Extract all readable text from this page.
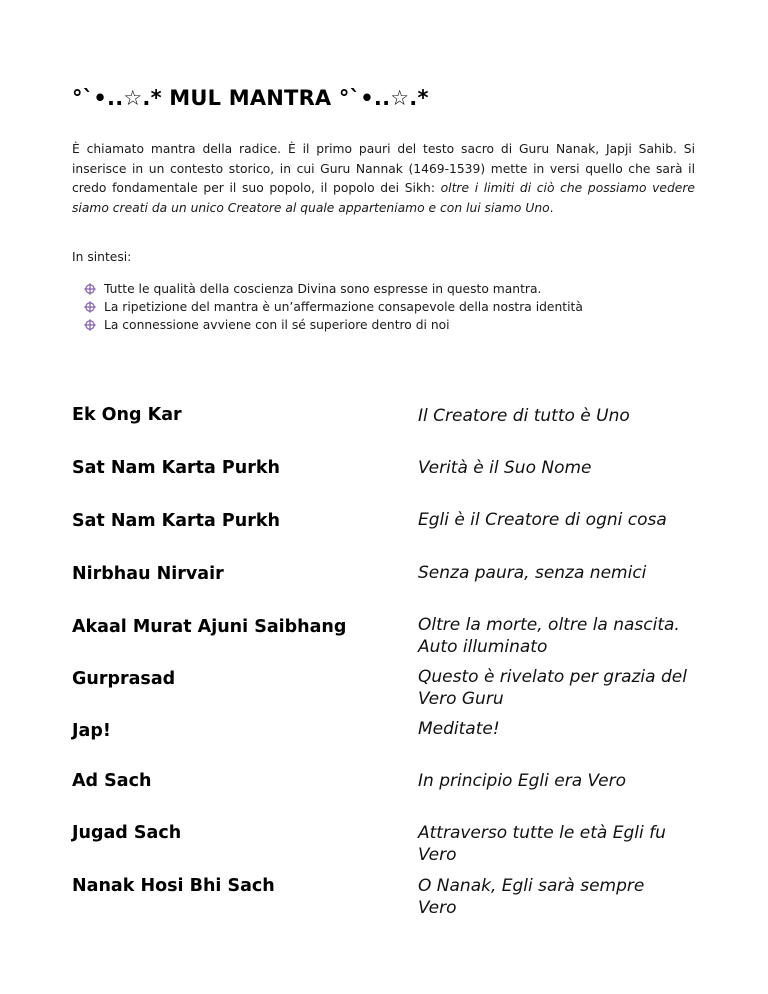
°`•..☆.* MUL MANTRA °`•..☆.*

È chiamato mantra della radice. È il primo pauri del testo sacro di Guru Nanak, Japji Sahib. Si inserisce in un contesto storico, in cui Guru Nannak (1469-1539) mette in versi quello che sarà il credo fondamentale per il suo popolo, il popolo dei Sikh: oltre i limiti di ciò che possiamo vedere siamo creati da un unico Creatore al quale apparteniamo e con lui siamo Uno.

In sintesi:

Tutte le qualità della coscienza Divina sono espresse in questo mantra.
La ripetizione del mantra è un’affermazione consapevole della nostra identità
La connessione avviene con il sé superiore dentro di noi
Ek Ong Kar	Il Creatore di tutto è Uno
Sat Nam Karta Purkh	Verità è il Suo Nome
Sat Nam Karta Purkh	Egli è il Creatore di ogni cosa
Nirbhau Nirvair	Senza paura, senza nemici
Akaal Murat Ajuni Saibhang	Oltre la morte, oltre la nascita. Auto illuminato
Gurprasad	Questo è rivelato per grazia del Vero Guru
Jap!	Meditate!
Ad Sach	In principio Egli era Vero
Jugad Sach	Attraverso tutte le età Egli fu Vero
Nanak Hosi Bhi Sach	O Nanak, Egli sarà sempre Vero
